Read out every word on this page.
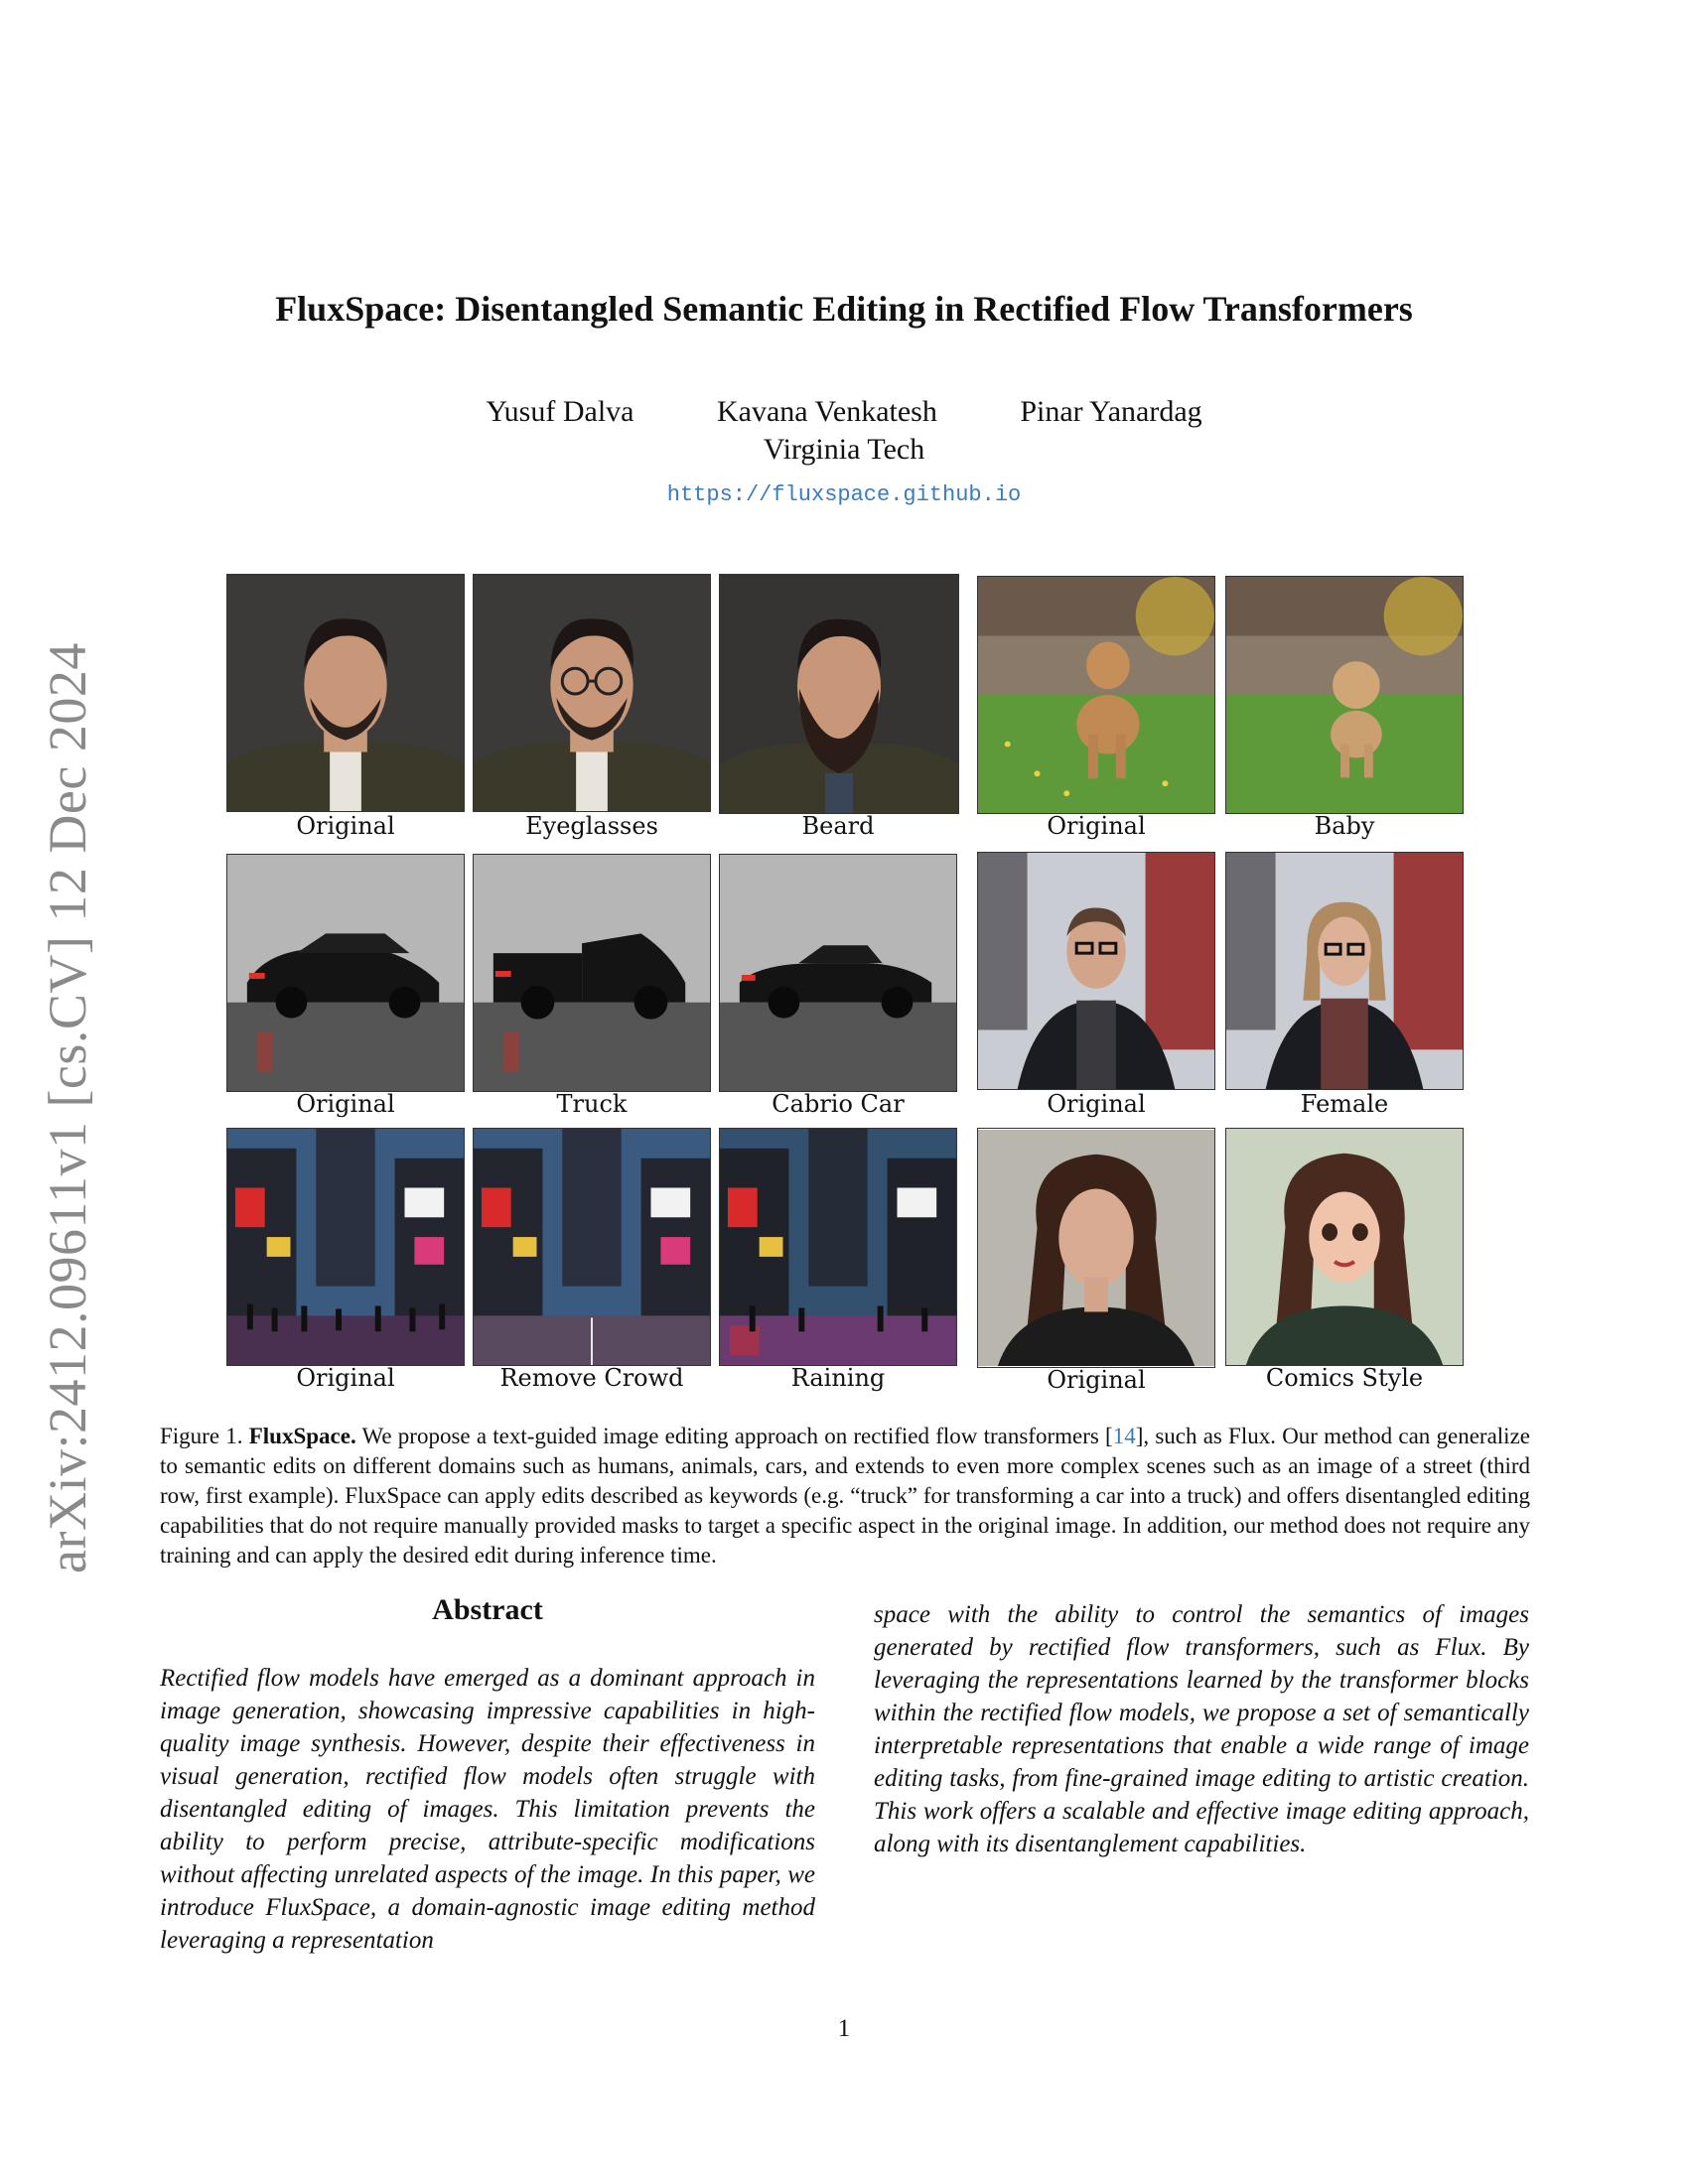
arXiv:2412.09611v1 [cs.CV] 12 Dec 2024
FluxSpace: Disentangled Semantic Editing in Rectified Flow Transformers
Yusuf Dalva	Kavana Venkatesh	Pinar Yanardag
Virginia Tech
https://fluxspace.github.io
Original	Eyeglasses	Beard	Original	Baby
Original	Truck	Cabrio Car	Original	Female
Original	Remove Crowd	Raining	Original	Comics Style
Figure 1. FluxSpace. We propose a text-guided image editing approach on rectified flow transformers [14], such as Flux. Our method can generalize to semantic edits on different domains such as humans, animals, cars, and extends to even more complex scenes such as an image of a street (third row, first example). FluxSpace can apply edits described as keywords (e.g. “truck” for transforming a car into a truck) and offers disentangled editing capabilities that do not require manually provided masks to target a specific aspect in the original image. In addition, our method does not require any training and can apply the desired edit during inference time.
Abstract
Rectified flow models have emerged as a dominant approach in image generation, showcasing impressive capabilities in high-quality image synthesis. However, despite their effectiveness in visual generation, rectified flow models often struggle with disentangled editing of images. This limitation prevents the ability to perform precise, attribute-specific modifications without affecting unrelated aspects of the image. In this paper, we introduce FluxSpace, a domain-agnostic image editing method leveraging a representation
space with the ability to control the semantics of images generated by rectified flow transformers, such as Flux. By leveraging the representations learned by the transformer blocks within the rectified flow models, we propose a set of semantically interpretable representations that enable a wide range of image editing tasks, from fine-grained image editing to artistic creation. This work offers a scalable and effective image editing approach, along with its disentanglement capabilities.
1
